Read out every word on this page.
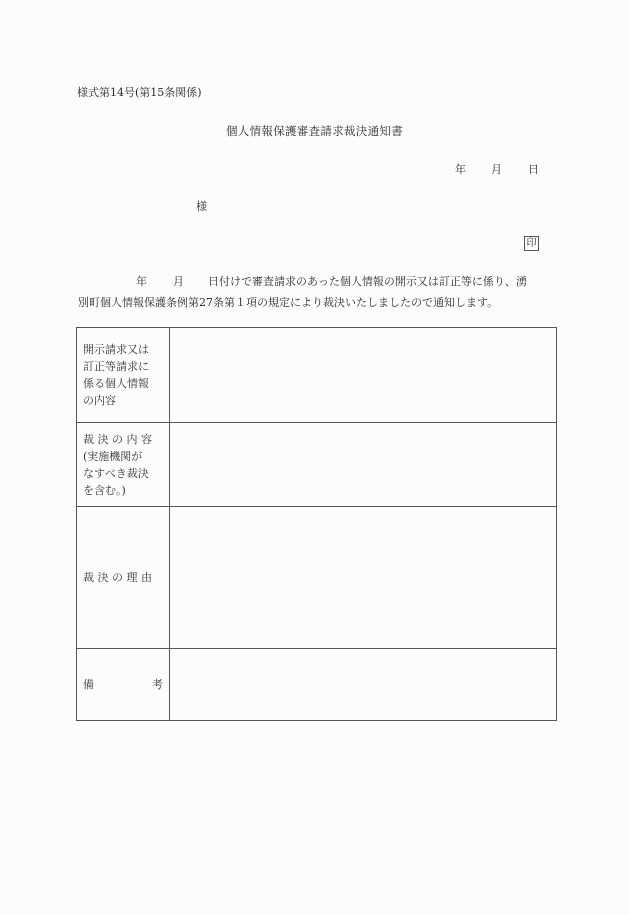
様式第14号(第15条関係)
個人情報保護審査請求裁決通知書
年 月 日
様
印
年 月 日付けで審査請求のあった個人情報の開示又は訂正等に係り、湧
別町個人情報保護条例第27条第１項の規定により裁決いたしましたので通知します。
開示請求又は
訂正等請求に
係る個人情報
の内容	

裁 決 の 内 容
(実施機関が
なすべき裁決
を含む。)	

裁 決 の 理 由	

備 考	
